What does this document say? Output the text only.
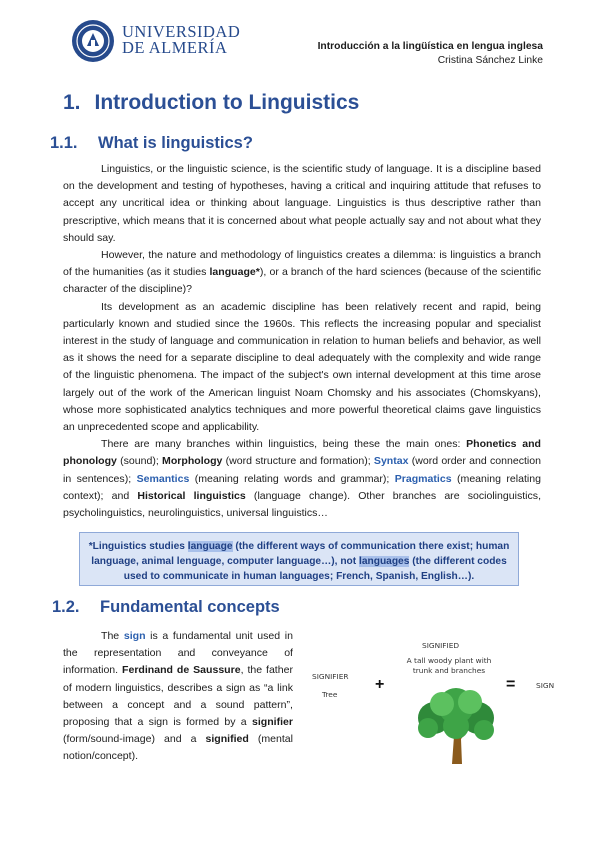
UNIVERSIDAD
DE ALMERÍA	Introducción a la lingüística en lengua inglesa
Cristina Sánchez Linke
1. Introduction to Linguistics
1.1. What is linguistics?

Linguistics, or the linguistic science, is the scientific study of language. It is a discipline based on the development and testing of hypotheses, having a critical and inquiring attitude that refuses to accept any uncritical idea or thinking about language. Linguistics is thus descriptive rather than prescriptive, which means that it is concerned about what people actually say and not about what they should say.

However, the nature and methodology of linguistics creates a dilemma: is linguistics a branch of the humanities (as it studies language*), or a branch of the hard sciences (because of the scientific character of the discipline)?

Its development as an academic discipline has been relatively recent and rapid, being particularly known and studied since the 1960s. This reflects the increasing popular and specialist interest in the study of language and communication in relation to human beliefs and behavior, as well as it shows the need for a separate discipline to deal adequately with the complexity and wide range of the linguistic phenomena. The impact of the subject's own internal development at this time arose largely out of the work of the American linguist Noam Chomsky and his associates (Chomskyans), whose more sophisticated analytics techniques and more powerful theoretical claims gave linguistics an unprecedented scope and applicability.

There are many branches within linguistics, being these the main ones: Phonetics and phonology (sound); Morphology (word structure and formation); Syntax (word order and connection in sentences); Semantics (meaning relating words and grammar); Pragmatics (meaning relating context); and Historical linguistics (language change). Other branches are sociolinguistics, psycholinguistics, neurolinguistics, universal linguistics…

*Linguistics studies language (the different ways of communication there exist; human language, animal lenguage, computer language…), not languages (the different codes used to communicate in human languages; French, Spanish, English…).
1.2. Fundamental concepts

The sign is a fundamental unit used in the representation and conveyance of information. Ferdinand de Saussure, the father of modern linguistics, describes a sign as “a link between a concept and a sound pattern”, proposing that a sign is formed by a signifier (form/sound-image) and a signified (mental notion/concept).

SIGNIFIER
Tree
+
SIGNIFIED
A tall woody plant with trunk and branches
=	SIGN
